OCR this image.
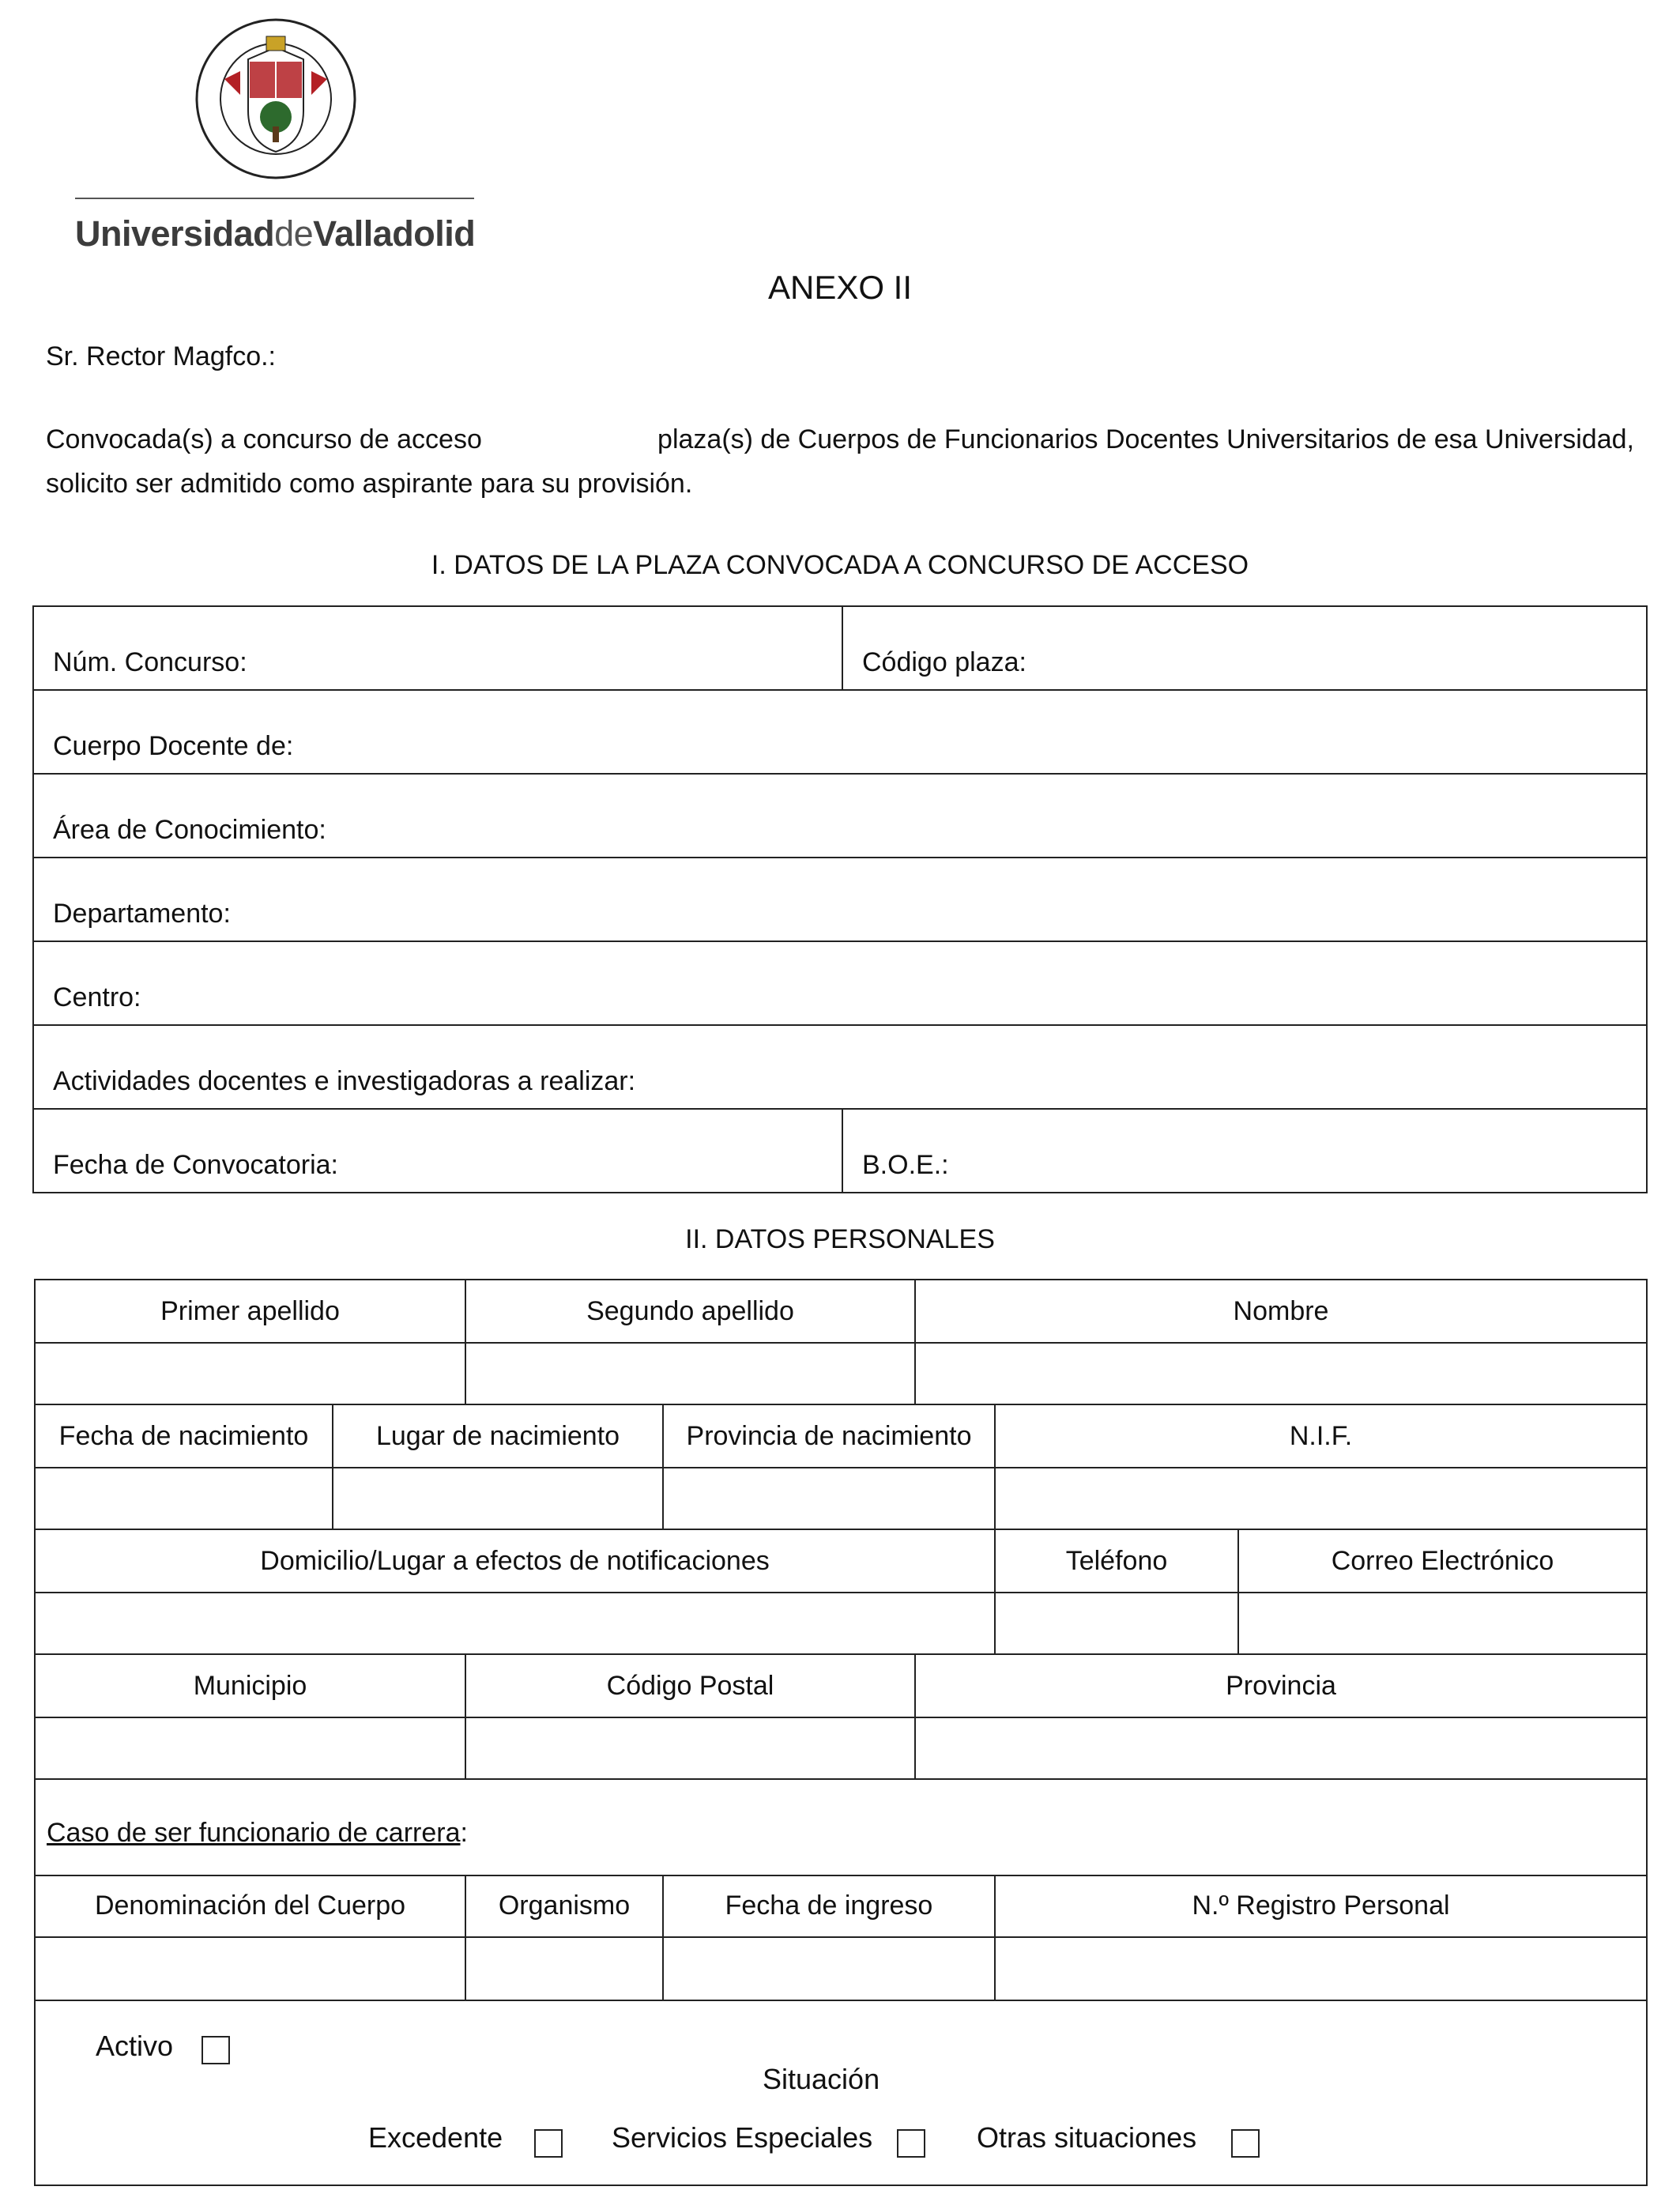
UniversidaddeValladolid
ANEXO II
Sr. Rector Magfco.:
Convocada(s) a concurso de acceso	plaza(s) de Cuerpos de Funcionarios Docentes Universitarios de esa Universidad,
solicito ser admitido como aspirante para su provisión.
I. DATOS DE LA PLAZA CONVOCADA A CONCURSO DE ACCESO
Núm. Concurso:	Código plaza:
Cuerpo Docente de:
Área de Conocimiento:
Departamento:
Centro:
Actividades docentes e investigadoras a realizar:
Fecha de Convocatoria:	B.O.E.:
II. DATOS PERSONALES
Primer apellido	Segundo apellido	Nombre
Fecha de nacimiento	Lugar de nacimiento	Provincia de nacimiento	N.I.F.
Domicilio/Lugar a efectos de notificaciones	Teléfono	Correo Electrónico
Municipio	Código Postal	Provincia
Caso de ser funcionario de carrera:
Denominación del Cuerpo	Organismo	Fecha de ingreso	N.º Registro Personal
Activo
Situación
Excedente	Servicios Especiales	Otras situaciones
